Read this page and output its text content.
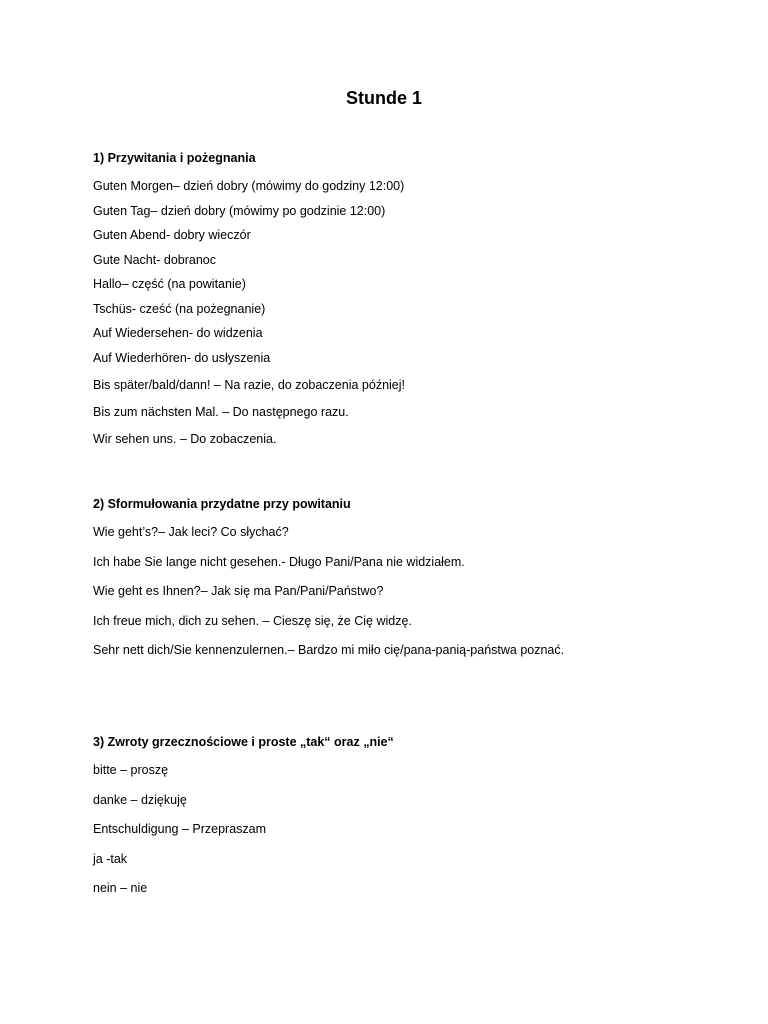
Stunde 1

1) Przywitania i pożegnania

Guten Morgen– dzień dobry (mówimy do godziny 12:00)

Guten Tag– dzień dobry (mówimy po godzinie 12:00)

Guten Abend- dobry wieczór

Gute Nacht- dobranoc

Hallo– część (na powitanie)

Tschüs- cześć (na pożegnanie)

Auf Wiedersehen- do widzenia

Auf Wiederhören- do usłyszenia

Bis später/bald/dann! – Na razie, do zobaczenia później!

Bis zum nächsten Mal. – Do następnego razu.

Wir sehen uns. – Do zobaczenia.

2) Sformułowania przydatne przy powitaniu

Wie geht’s?– Jak leci? Co słychać?

Ich habe Sie lange nicht gesehen.- Długo Pani/Pana nie widziałem.

Wie geht es Ihnen?– Jak się ma Pan/Pani/Państwo?

Ich freue mich, dich zu sehen. – Cieszę się, że Cię widzę.

Sehr nett dich/Sie kennenzulernen.– Bardzo mi miło cię/pana-panią-państwa poznać.

3) Zwroty grzecznościowe i proste „tak“ oraz „nie“

bitte – proszę

danke – dziękuję

Entschuldigung – Przepraszam

ja -tak

nein – nie
